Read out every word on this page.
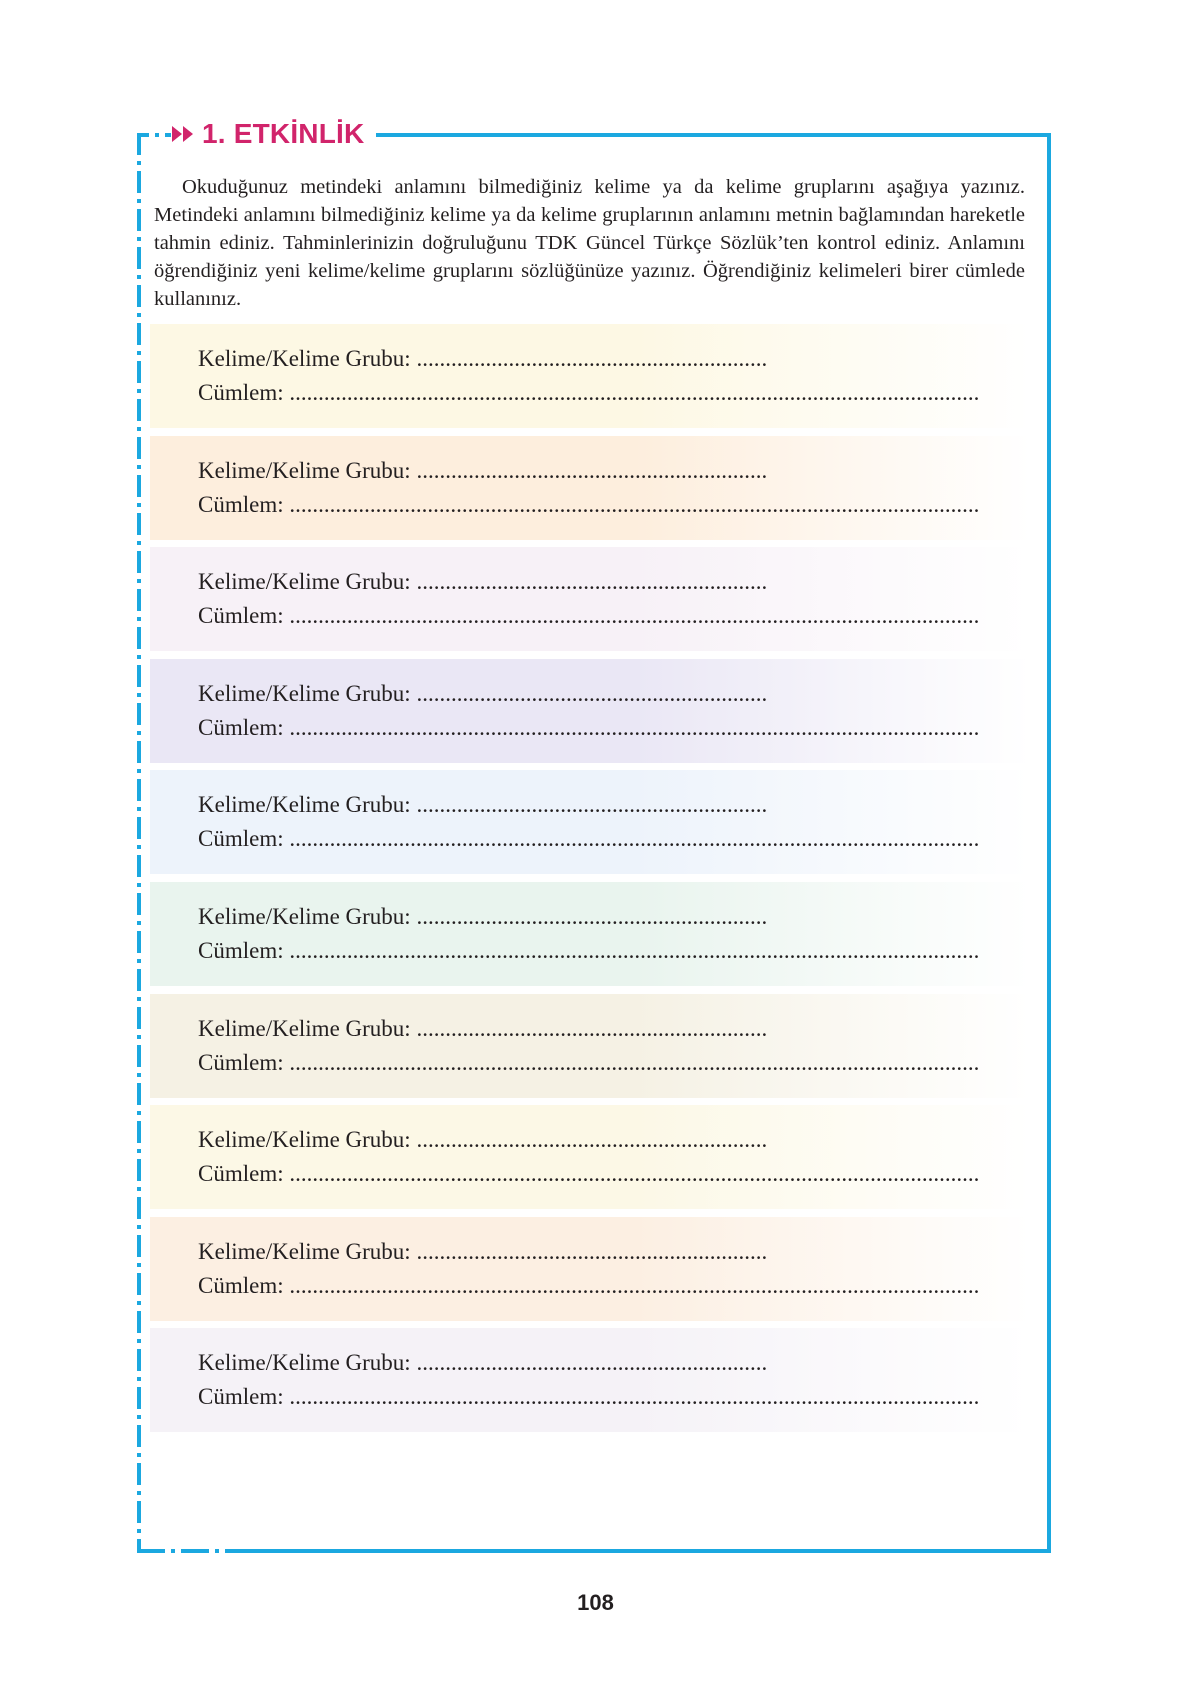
1. ETKİNLİK

Okuduğunuz metindeki anlamını bilmediğiniz kelime ya da kelime gruplarını aşağıya yazınız. Metindeki anlamını bilmediğiniz kelime ya da kelime gruplarının anlamını metnin bağlamından hareketle tahmin ediniz. Tahminlerinizin doğruluğunu TDK Güncel Türkçe Sözlük’ten kontrol ediniz. Anlamını öğrendiğiniz yeni kelime/kelime gruplarını sözlüğünüze yazınız. Öğrendiğiniz kelimeleri birer cümlede kullanınız.

Kelime/Kelime Grubu: .............................................................
Cümlem: ........................................................................................................................
Kelime/Kelime Grubu: .............................................................
Cümlem: ........................................................................................................................
Kelime/Kelime Grubu: .............................................................
Cümlem: ........................................................................................................................
Kelime/Kelime Grubu: .............................................................
Cümlem: ........................................................................................................................
Kelime/Kelime Grubu: .............................................................
Cümlem: ........................................................................................................................
Kelime/Kelime Grubu: .............................................................
Cümlem: ........................................................................................................................
Kelime/Kelime Grubu: .............................................................
Cümlem: ........................................................................................................................
Kelime/Kelime Grubu: .............................................................
Cümlem: ........................................................................................................................
Kelime/Kelime Grubu: .............................................................
Cümlem: ........................................................................................................................
Kelime/Kelime Grubu: .............................................................
Cümlem: ........................................................................................................................
108
